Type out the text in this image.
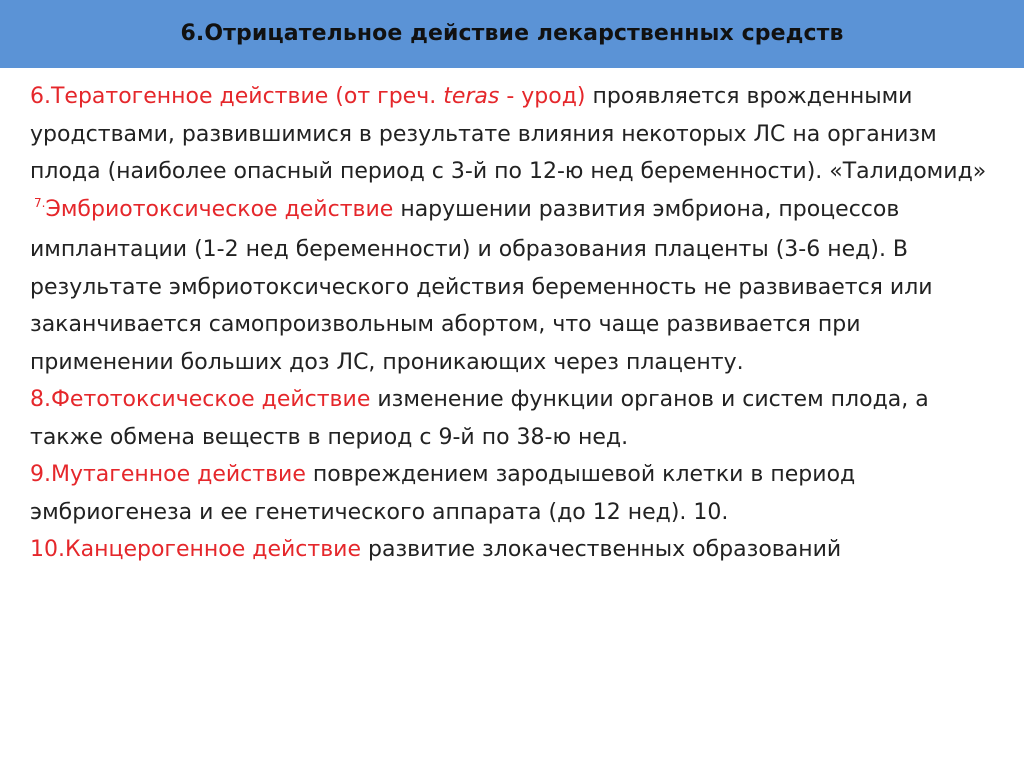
6.Отрицательное действие лекарственных средств

6.Тератогенное действие (от греч. teras - урод) проявляется врожденными уродствами, развившимися в результате влияния некоторых ЛС на организм плода (наиболее опасный период с 3-й по 12-ю нед беременности). «Талидомид»

$^{7.}$Эмбриотоксическое действие нарушении развития эмбриона, процессов имплантации (1-2 нед беременности) и образования плаценты (3-6 нед). В результате эмбриотоксического действия беременность не развивается или заканчивается самопроизвольным абортом, что чаще развивается при применении больших доз ЛС, проникающих через плаценту.

8.Фетотоксическое действие изменение функции органов и систем плода, а также обмена веществ в период с 9-й по 38-ю нед.

9.Мутагенное действие повреждением зародышевой клетки в период эмбриогенеза и ее генетического аппарата (до 12 нед). 10.

10.Канцерогенное действие развитие злокачественных образований
